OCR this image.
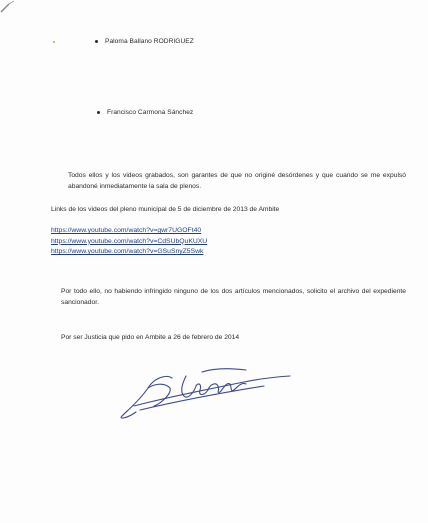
Paloma Ballano RODRIGUEZ
Francisco Carmona Sánchez

Todos ellos y los videos grabados, son garantes de que no originé desórdenes y que cuando se me expulsó abandoné inmediatamente la sala de plenos.

Links de los videos del pleno municipal de 5 de diciembre de 2013 de Ambite

https://www.youtube.com/watch?v=gwr7UGOFt40
https://www.youtube.com/watch?v=CdSUbQuKUXU
https://www.youtube.com/watch?v=GSuSnyZ5Swk

Por todo ello, no habiendo infringido ninguno de los dos artículos mencionados, solicito el archivo del expediente sancionador.

Por ser Justicia que pido en Ambite a 26 de febrero de 2014
